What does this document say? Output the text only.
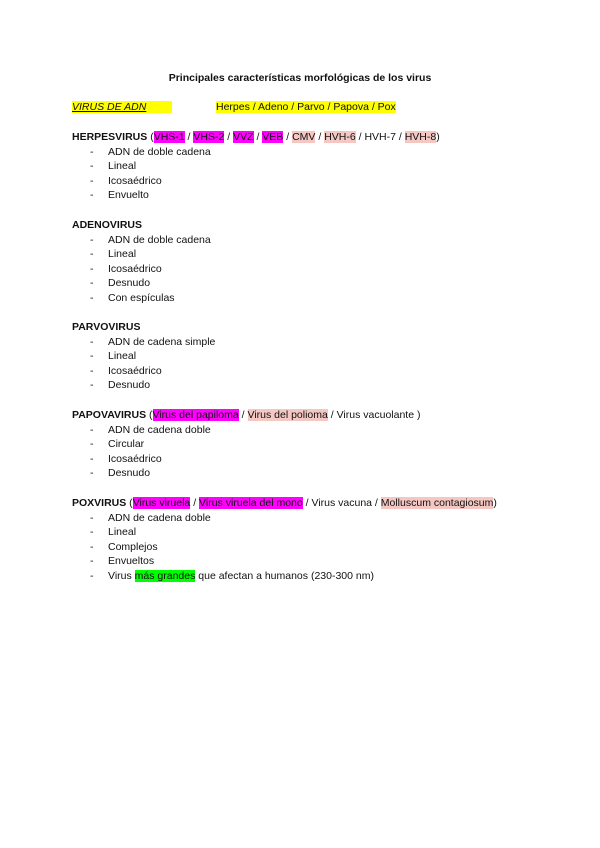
Principales características morfológicas de los virus
VIRUS DE ADN	Herpes / Adeno / Parvo / Papova / Pox
HERPESVIRUS (VHS-1 / VHS-2 / VVZ / VEB / CMV / HVH-6 / HVH-7 / HVH-8)
- ADN de doble cadena
- Lineal
- Icosaédrico
- Envuelto
ADENOVIRUS
- ADN de doble cadena
- Lineal
- Icosaédrico
- Desnudo
- Con espículas
PARVOVIRUS
- ADN de cadena simple
- Lineal
- Icosaédrico
- Desnudo
PAPOVAVIRUS (Virus del papiloma / Virus del polioma / Virus vacuolante )
- ADN de cadena doble
- Circular
- Icosaédrico
- Desnudo
POXVIRUS (Virus viruela / Virus viruela del mono / Virus vacuna / Molluscum contagiosum)
- ADN de cadena doble
- Lineal
- Complejos
- Envueltos
- Virus más grandes que afectan a humanos (230-300 nm)
